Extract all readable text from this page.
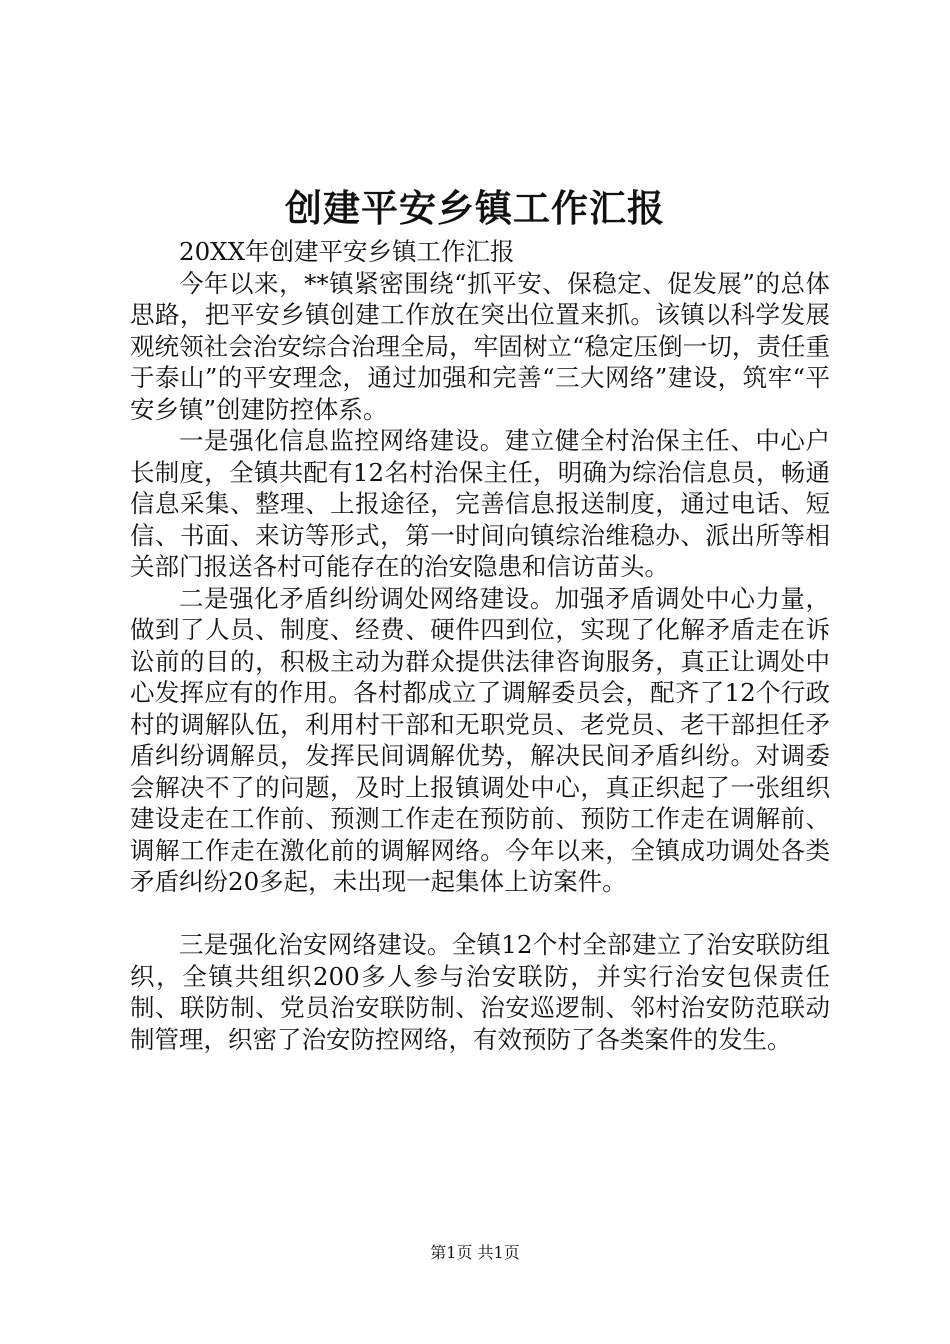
创建平安乡镇工作汇报

20XX年创建平安乡镇工作汇报

今年以来，**镇紧密围绕“抓平安、保稳定、促发展”的总体思路，把平安乡镇创建工作放在突出位置来抓。该镇以科学发展观统领社会治安综合治理全局，牢固树立“稳定压倒一切，责任重于泰山”的平安理念，通过加强和完善“三大网络”建设，筑牢“平安乡镇”创建防控体系。

一是强化信息监控网络建设。建立健全村治保主任、中心户长制度，全镇共配有12名村治保主任，明确为综治信息员，畅通信息采集、整理、上报途径，完善信息报送制度，通过电话、短信、书面、来访等形式，第一时间向镇综治维稳办、派出所等相关部门报送各村可能存在的治安隐患和信访苗头。

二是强化矛盾纠纷调处网络建设。加强矛盾调处中心力量，做到了人员、制度、经费、硬件四到位，实现了化解矛盾走在诉讼前的目的，积极主动为群众提供法律咨询服务，真正让调处中心发挥应有的作用。各村都成立了调解委员会，配齐了12个行政村的调解队伍，利用村干部和无职党员、老党员、老干部担任矛盾纠纷调解员，发挥民间调解优势，解决民间矛盾纠纷。对调委会解决不了的问题，及时上报镇调处中心，真正织起了一张组织建设走在工作前、预测工作走在预防前、预防工作走在调解前、调解工作走在激化前的调解网络。今年以来，全镇成功调处各类矛盾纠纷20多起，未出现一起集体上访案件。

三是强化治安网络建设。全镇12个村全部建立了治安联防组织，全镇共组织200多人参与治安联防，并实行治安包保责任制、联防制、党员治安联防制、治安巡逻制、邻村治安防范联动制管理，织密了治安防控网络，有效预防了各类案件的发生。

第1页 共1页
